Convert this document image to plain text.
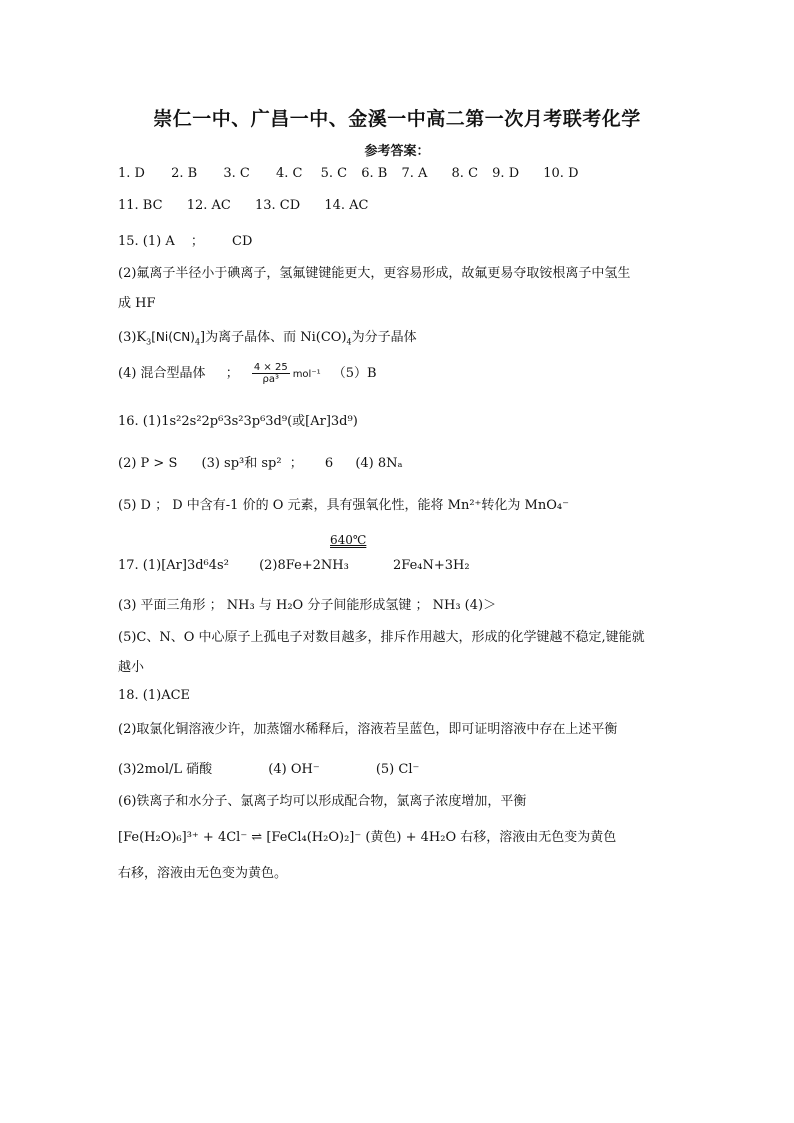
崇仁一中、广昌一中、金溪一中高二第一次月考联考化学
参考答案：
1. D 2. B 3. C 4. C 5. C 6. B 7. A 8. C 9. D 10. D
11. BC 12. AC 13. CD 14. AC
15. (1) A ； CD
(2)氟离子半径小于碘离子，氢氟键键能更大，更容易形成，故氟更易夺取铵根离子中氢生
成 HF
$(3)K_3[Ni(CN)_4]$为离子晶体、而 $Ni(CO)_4$为分子晶体
(4) 混合型晶体 ； $\frac{4 \times 25}{\text{ρa³}} mol^{-1}$ （5）B
16. (1)1s²2s²2p⁶3s²3p⁶3d⁹(或[Ar]3d⁹)
(2) P > S (3) sp³和 sp² ； 6 (4) 8Nₐ
(5) D ； D 中含有-1 价的 O 元素，具有强氧化性，能将 Mn²⁺转化为 MnO₄⁻
640℃
17. (1)[Ar]3d⁶4s² (2)8Fe+2NH₃	2Fe₄N+3H₂
(3) 平面三角形 ； NH₃ 与 H₂O 分子间能形成氢键 ； NH₃ (4)＞
(5)C、N、O 中心原子上孤电子对数目越多，排斥作用越大，形成的化学键越不稳定,键能就
越小
18. (1)ACE
(2)取氯化铜溶液少许，加蒸馏水稀释后，溶液若呈蓝色，即可证明溶液中存在上述平衡
(3)2mol/L 硝酸	(4) OH⁻	(5) Cl⁻
(6)铁离子和水分子、氯离子均可以形成配合物，氯离子浓度增加，平衡
[Fe(H₂O)₆]³⁺ + 4Cl⁻ ⇌ [FeCl₄(H₂O)₂]⁻ (黄色) + 4H₂O 右移，溶液由无色变为黄色
右移，溶液由无色变为黄色。
